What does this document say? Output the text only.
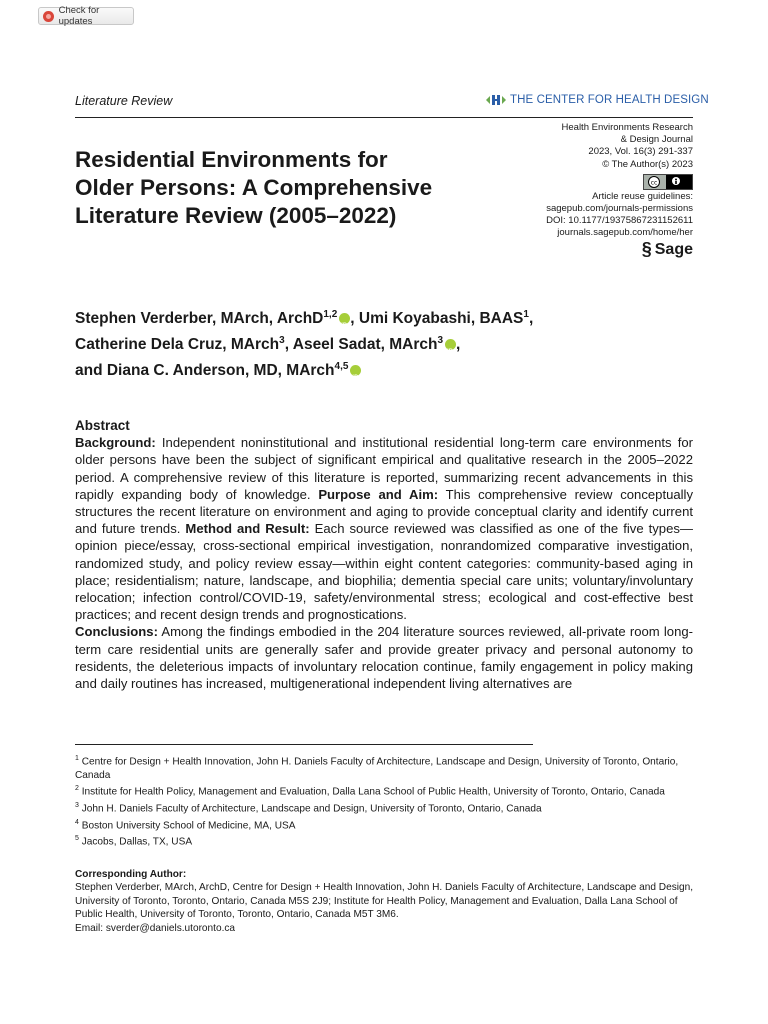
Check for updates
Literature Review	THE CENTER FOR HEALTH DESIGN
Residential Environments for Older Persons: A Comprehensive Literature Review (2005–2022)
Health Environments Research
& Design Journal
2023, Vol. 16(3) 291-337
© The Author(s) 2023
cc
Article reuse guidelines:
sagepub.com/journals-permissions
DOI: 10.1177/19375867231152611
journals.sagepub.com/home/her
§ Sage

Stephen Verderber, MArch, ArchD$^{1,2}$ iD , Umi Koyabashi, BAAS$^1$,
Catherine Dela Cruz, MArch$^3$, Aseel Sadat, MArch$^3$ iD ,
and Diana C. Anderson, MD, MArch$^{4,5}$iD

Abstract
Background: Independent noninstitutional and institutional residential long-term care environments for older persons have been the subject of significant empirical and qualitative research in the 2005–2022 period. A comprehensive review of this literature is reported, summarizing recent advancements in this rapidly expanding body of knowledge. Purpose and Aim: This comprehensive review conceptually structures the recent literature on environment and aging to provide conceptual clarity and identify current and future trends. Method and Result: Each source reviewed was classified as one of the five types—opinion piece/essay, cross-sectional empirical investigation, nonrandomized comparative investigation, randomized study, and policy review essay—within eight content categories: community-based aging in place; residentialism; nature, landscape, and biophilia; dementia special care units; voluntary/involuntary relocation; infection control/COVID-19, safety/environmental stress; ecological and cost-effective best practices; and recent design trends and prognostications.
Conclusions: Among the findings embodied in the 204 literature sources reviewed, all-private room long-term care residential units are generally safer and provide greater privacy and personal autonomy to residents, the deleterious impacts of involuntary relocation continue, family engagement in policy making and daily routines has increased, multigenerational independent living alternatives are

$^1$ Centre for Design + Health Innovation, John H. Daniels Faculty of Architecture, Landscape and Design, University of Toronto, Ontario, Canada

$^2$ Institute for Health Policy, Management and Evaluation, Dalla Lana School of Public Health, University of Toronto, Ontario, Canada

$^3$ John H. Daniels Faculty of Architecture, Landscape and Design, University of Toronto, Ontario, Canada

$^4$ Boston University School of Medicine, MA, USA

$^5$ Jacobs, Dallas, TX, USA

Corresponding Author:
Stephen Verderber, MArch, ArchD, Centre for Design + Health Innovation, John H. Daniels Faculty of Architecture, Landscape and Design, University of Toronto, Toronto, Ontario, Canada M5S 2J9; Institute for Health Policy, Management and Evaluation, Dalla Lana School of Public Health, University of Toronto, Toronto, Ontario, Canada M5T 3M6.
Email: sverder@daniels.utoronto.ca
